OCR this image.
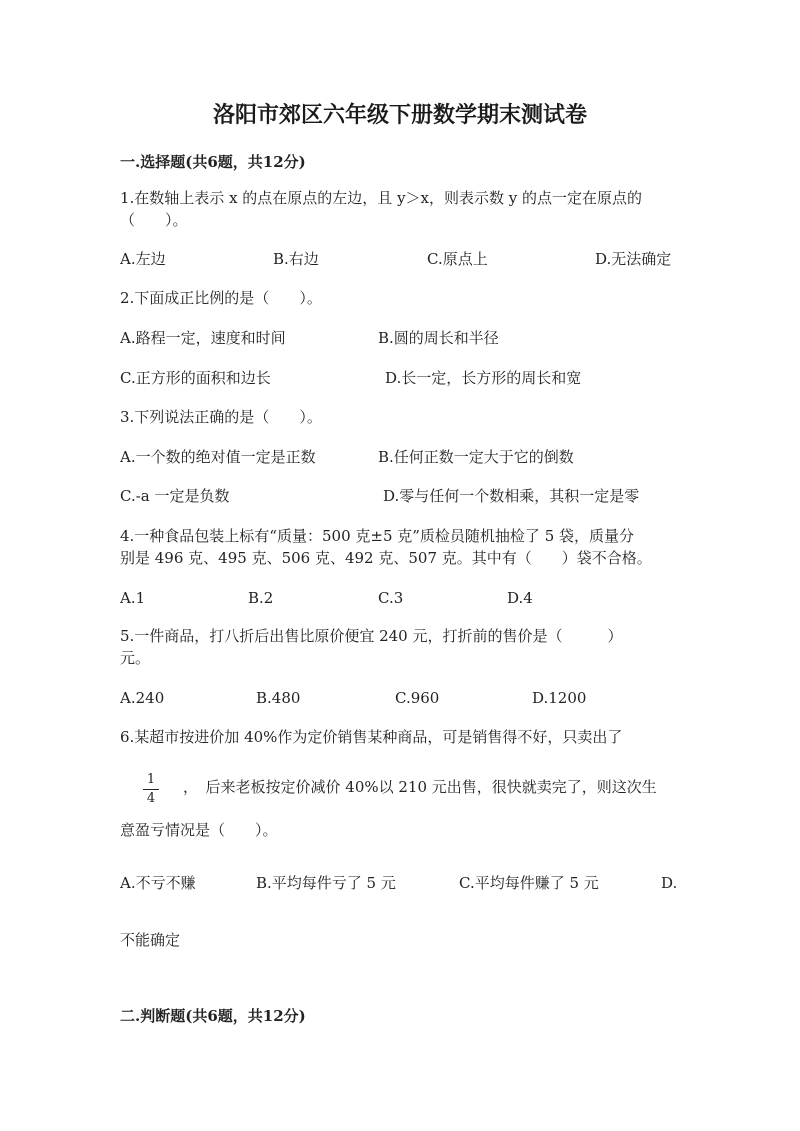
洛阳市郊区六年级下册数学期末测试卷
一.选择题(共6题，共12分)
1.在数轴上表示 x 的点在原点的左边，且 y＞x，则表示数 y 的点一定在原点的
（　　）。
A.左边	B.右边	C.原点上	D.无法确定
2.下面成正比例的是（　　）。
A.路程一定，速度和时间	B.圆的周长和半径
C.正方形的面积和边长	D.长一定，长方形的周长和宽
3.下列说法正确的是（　　）。
A.一个数的绝对值一定是正数	B.任何正数一定大于它的倒数
C.-a 一定是负数	D.零与任何一个数相乘，其积一定是零
4.一种食品包装上标有“质量：500 克±5 克”质检员随机抽检了 5 袋，质量分
别是 496 克、495 克、506 克、492 克、507 克。其中有（　　）袋不合格。
A.1	B.2	C.3	D.4
5.一件商品，打八折后出售比原价便宜 240 元，打折前的售价是（　　　）
元。
A.240	B.480	C.960	D.1200
6.某超市按进价加 40%作为定价销售某种商品，可是销售得不好，只卖出了
1
4
，　后来老板按定价减价 40%以 210 元出售，很快就卖完了，则这次生
意盈亏情况是（　　）。
A.不亏不赚	B.平均每件亏了 5 元	C.平均每件赚了 5 元	D.
不能确定
二.判断题(共6题，共12分)
